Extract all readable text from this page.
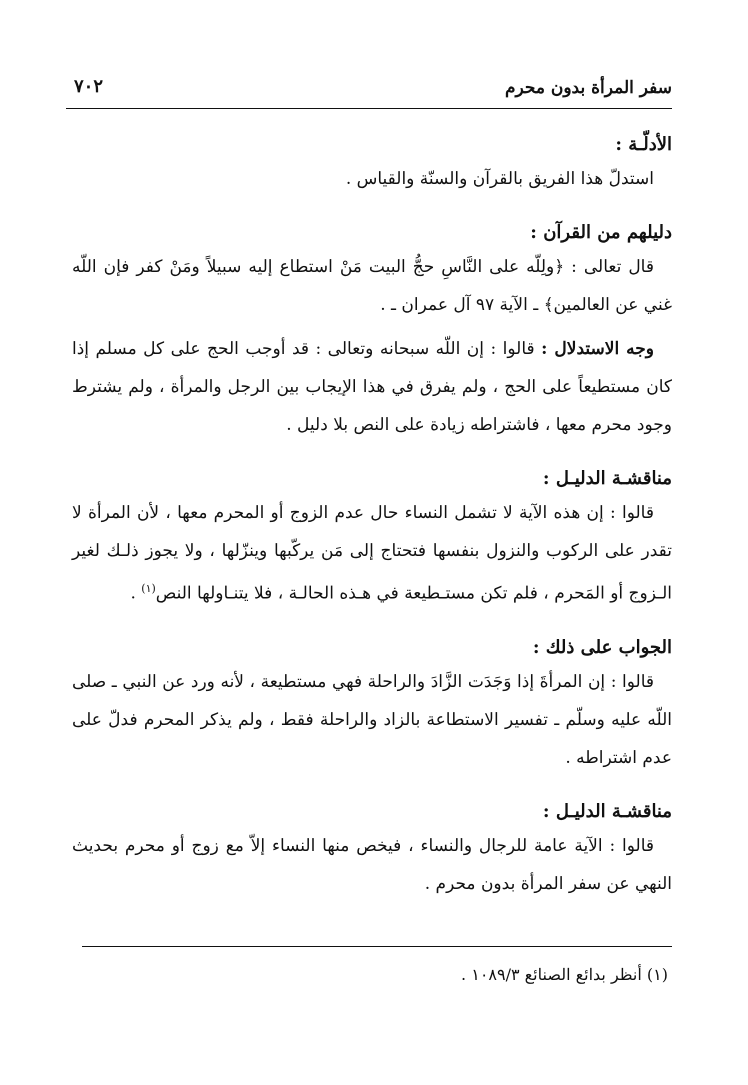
سفر المرأة بدون محرم
٧٠٢

الأدلّـة :

استدلّ هذا الفريق بالقرآن والسنّة والقياس .

دليلهم من القرآن :

قال تعالى : ﴿ولِلّه على النَّاسِ حجُّ البيت مَنْ استطاع إليه سبيلاً ومَنْ كفر فإن اللّه غني عن العالمين﴾ ـ الآية ٩٧ آل عمران ـ .

وجه الاستدلال : قالوا : إن اللّه سبحانه وتعالى : قد أوجب الحج على كل مسلم إذا كان مستطيعاً على الحج ، ولم يفرق في هذا الإيجاب بين الرجل والمرأة ، ولم يشترط وجود محرم معها ، فاشتراطه زيادة على النص بلا دليل .

مناقشـة الدليـل :

قالوا : إن هذه الآية لا تشمل النساء حال عدم الزوج أو المحرم معها ، لأن المرأة لا تقدر على الركوب والنزول بنفسها فتحتاج إلى مَن يركّبها وينزّلها ، ولا يجوز ذلـك لغير الـزوج أو المَحرم ، فلم تكن مستـطيعة في هـذه الحالـة ، فلا يتنـاولها النص$^{(١)}$ .

الجواب على ذلك :

قالوا : إن المرأةَ إذا وَجَدَت الزَّادَ والراحلة فهي مستطيعة ، لأنه ورد عن النبي ـ صلى اللّه عليه وسلّم ـ تفسير الاستطاعة بالزاد والراحلة فقط ، ولم يذكر المحرم فدلّ على عدم اشتراطه .

مناقشـة الدليـل :

قالوا : الآية عامة للرجال والنساء ، فيخص منها النساء إلاّ مع زوج أو محرم بحديث النهي عن سفر المرأة بدون محرم .

(١) أنظر بدائع الصنائع ١٠٨٩/٣ .
